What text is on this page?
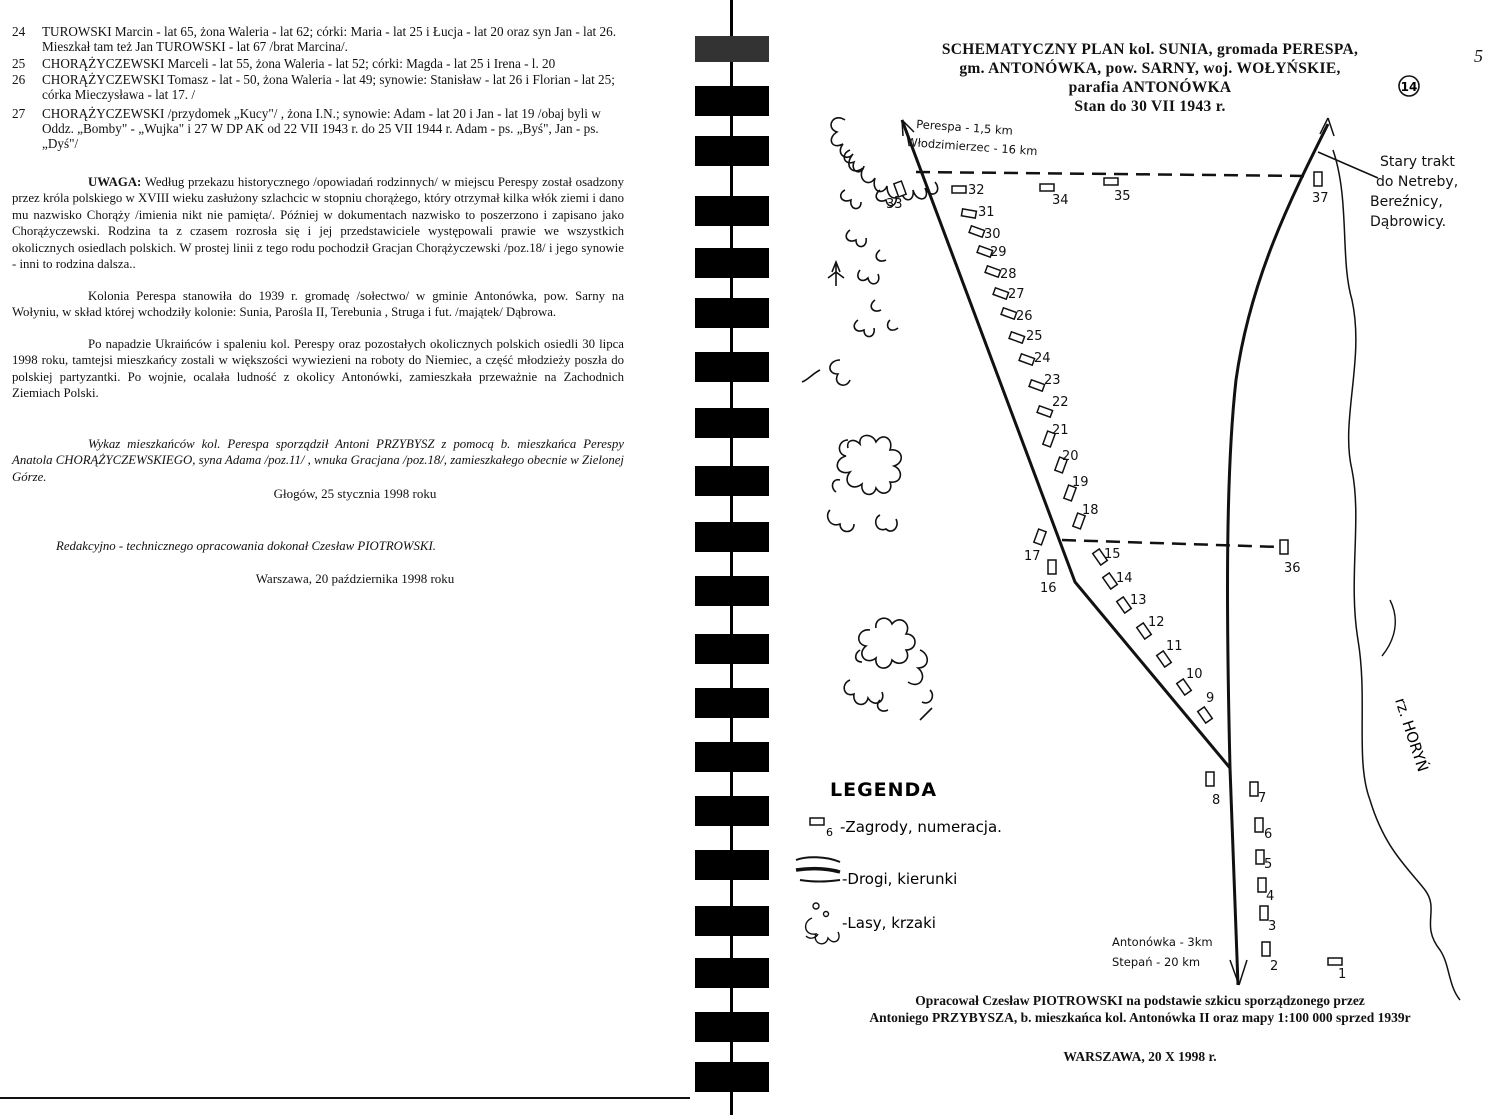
24	TUROWSKI Marcin - lat 65, żona Waleria - lat 62; córki: Maria - lat 25 i Łucja - lat 20 oraz syn Jan - lat 26. Mieszkał tam też Jan TUROWSKI - lat 67 /brat Marcina/.
25	CHORĄŻYCZEWSKI Marceli - lat 55, żona Waleria - lat 52; córki: Magda - lat 25 i Irena - l. 20
26	CHORĄŻYCZEWSKI Tomasz - lat - 50, żona Waleria - lat 49; synowie: Stanisław - lat 26 i Florian - lat 25; córka Mieczysława - lat 17. /
27	CHORĄŻYCZEWSKI /przydomek „Kucy"/ , żona I.N.; synowie: Adam - lat 20 i Jan - lat 19 /obaj byli w Oddz. „Bomby" - „Wujka" i 27 W DP AK od 22 VII 1943 r. do 25 VII 1944 r. Adam - ps. „Byś", Jan - ps. „Dyś"/
UWAGA: Według przekazu historycznego /opowiadań rodzinnych/ w miejscu Perespy został osadzony przez króla polskiego w XVIII wieku zasłużony szlachcic w stopniu chorążego, który otrzymał kilka włók ziemi i dano mu nazwisko Chorąży /imienia nikt nie pamięta/. Później w dokumentach nazwisko to poszerzono i zapisano jako Chorążyczewski. Rodzina ta z czasem rozrosła się i jej przedstawiciele występowali prawie we wszystkich okolicznych osiedlach polskich. W prostej linii z tego rodu pochodził Gracjan Chorążyczewski /poz.18/ i jego synowie - inni to rodzina dalsza..
Kolonia Perespa stanowiła do 1939 r. gromadę /sołectwo/ w gminie Antonówka, pow. Sarny na Wołyniu, w skład której wchodziły kolonie: Sunia, Parośla II, Terebunia , Struga i fut. /majątek/ Dąbrowa.
Po napadzie Ukraińców i spaleniu kol. Perespy oraz pozostałych okolicznych polskich osiedli 30 lipca 1998 roku, tamtejsi mieszkańcy zostali w większości wywiezieni na roboty do Niemiec, a część młodzieży poszła do polskiej partyzantki. Po wojnie, ocalała ludność z okolicy Antonówki, zamieszkała przeważnie na Zachodnich Ziemiach Polski.
Wykaz mieszkańców kol. Perespa sporządził Antoni PRZYBYSZ z pomocą b. mieszkańca Perespy Anatola CHORĄŻYCZEWSKIEGO, syna Adama /poz.11/ , wnuka Gracjana /poz.18/, zamieszkałego obecnie w Zielonej Górze.
Głogów, 25 stycznia 1998 roku
Redakcyjno - technicznego opracowania dokonał Czesław PIOTROWSKI.
Warszawa, 20 października 1998 roku
SCHEMATYCZNY PLAN kol. SUNIA, gromada PERESPA,
gm. ANTONÓWKA, pow. SARNY, woj. WOŁYŃSKIE,
parafia ANTONÓWKA
Stan do 30 VII 1943 r.
5
14
rz. HORYŃ
1
2
3
4
5
6
7
8
9
10
11
12
13
14
15
16
17
18
19
20
21
22
23
24
25
26
27
28
29
30
31
32
33	34	35
36
37
Perespa - 1,5 km
Włodzimierzec - 16 km
Antonówka - 3km
Stepań - 20 km
Stary trakt
do Netreby,
Bereźnicy,
Dąbrowicy.
LEGENDA
6 -Zagrody, numeracja.
-Drogi, kierunki
-Lasy, krzaki
Opracował Czesław PIOTROWSKI na podstawie szkicu sporządzonego przez
Antoniego PRZYBYSZA, b. mieszkańca kol. Antonówka II oraz mapy 1:100 000 sprzed 1939r
WARSZAWA, 20 X 1998 r.
